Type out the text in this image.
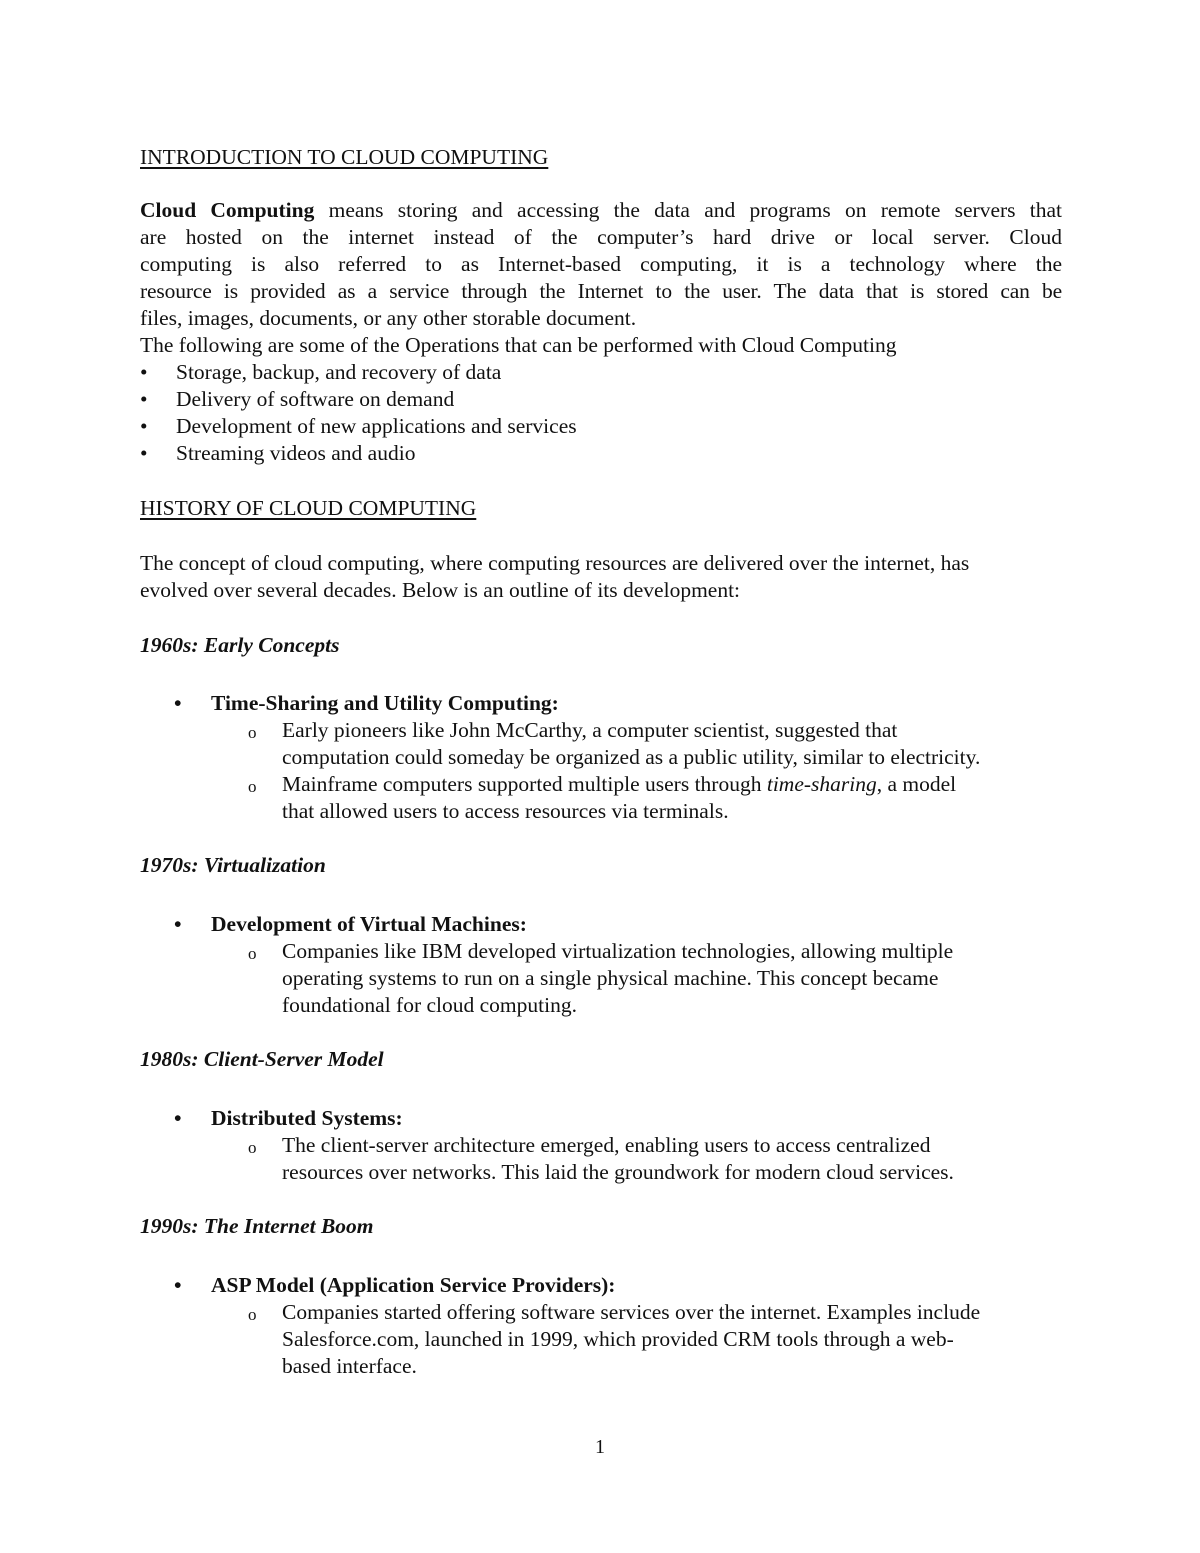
INTRODUCTION TO CLOUD COMPUTING
Cloud Computing means storing and accessing the data and programs on remote servers that
are hosted on the internet instead of the computer’s hard drive or local server. Cloud
computing is also referred to as Internet-based computing, it is a technology where the
resource is provided as a service through the Internet to the user. The data that is stored can be
files, images, documents, or any other storable document.
The following are some of the Operations that can be performed with Cloud Computing
• Storage, backup, and recovery of data
• Delivery of software on demand
• Development of new applications and services
• Streaming videos and audio
HISTORY OF CLOUD COMPUTING
The concept of cloud computing, where computing resources are delivered over the internet, has
evolved over several decades. Below is an outline of its development:
1960s: Early Concepts
• Time-Sharing and Utility Computing:
o Early pioneers like John McCarthy, a computer scientist, suggested that
computation could someday be organized as a public utility, similar to electricity.
o Mainframe computers supported multiple users through time-sharing, a model
that allowed users to access resources via terminals.
1970s: Virtualization
• Development of Virtual Machines:
o Companies like IBM developed virtualization technologies, allowing multiple
operating systems to run on a single physical machine. This concept became
foundational for cloud computing.
1980s: Client-Server Model
• Distributed Systems:
o The client-server architecture emerged, enabling users to access centralized
resources over networks. This laid the groundwork for modern cloud services.
1990s: The Internet Boom
• ASP Model (Application Service Providers):
o Companies started offering software services over the internet. Examples include
Salesforce.com, launched in 1999, which provided CRM tools through a web-
based interface.
1
